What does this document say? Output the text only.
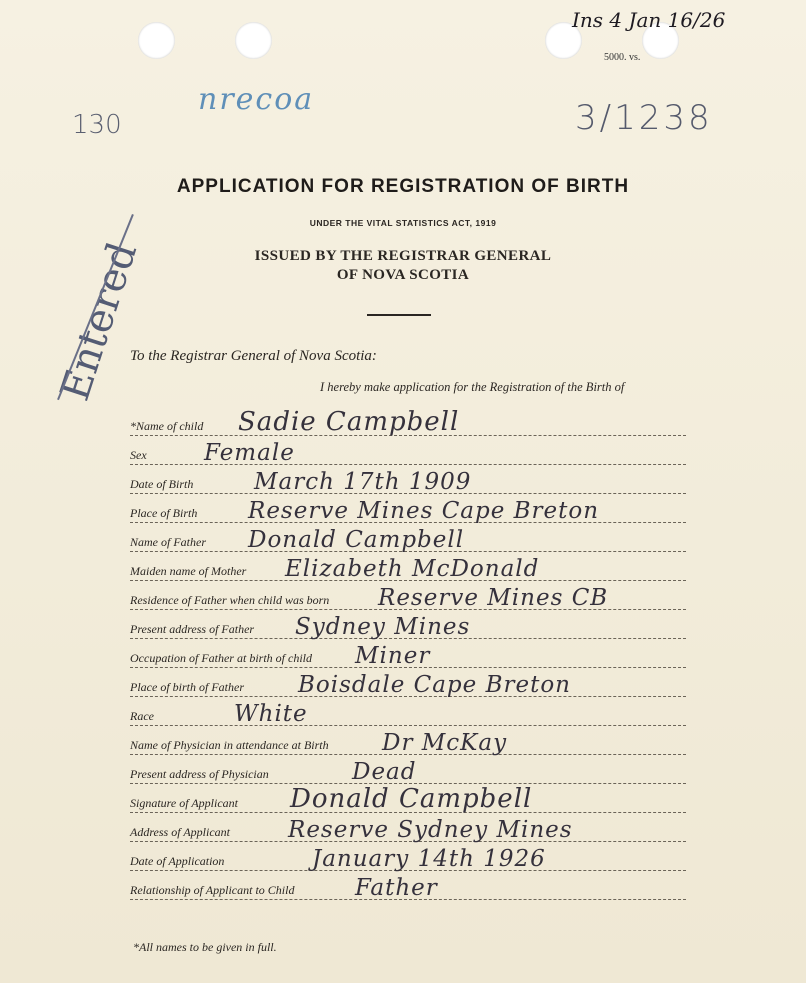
Ins 4 Jan 16/26
5000. vs.
130
nrecoa	3/1238
APPLICATION FOR REGISTRATION OF BIRTH
UNDER THE VITAL STATISTICS ACT, 1919
ISSUED BY THE REGISTRAR GENERAL
OF NOVA SCOTIA
Entered
To the Registrar General of Nova Scotia:
I hereby make application for the Registration of the Birth of
*Name of child Sadie Campbell
Sex Female
Date of Birth	March 17th 1909
Place of Birth Reserve Mines Cape Breton
Name of Father Donald Campbell
Maiden name of Mother Elizabeth McDonald
Residence of Father when child was born Reserve Mines CB
Present address of Father Sydney Mines
Occupation of Father at birth of child Miner
Place of birth of Father Boisdale Cape Breton
Race	White
Name of Physician in attendance at Birth Dr McKay
Present address of Physician	Dead
Signature of Applicant Donald Campbell
Address of Applicant	Reserve Sydney Mines
Date of Application	January 14th 1926
Relationship of Applicant to Child	Father
*All names to be given in full.
